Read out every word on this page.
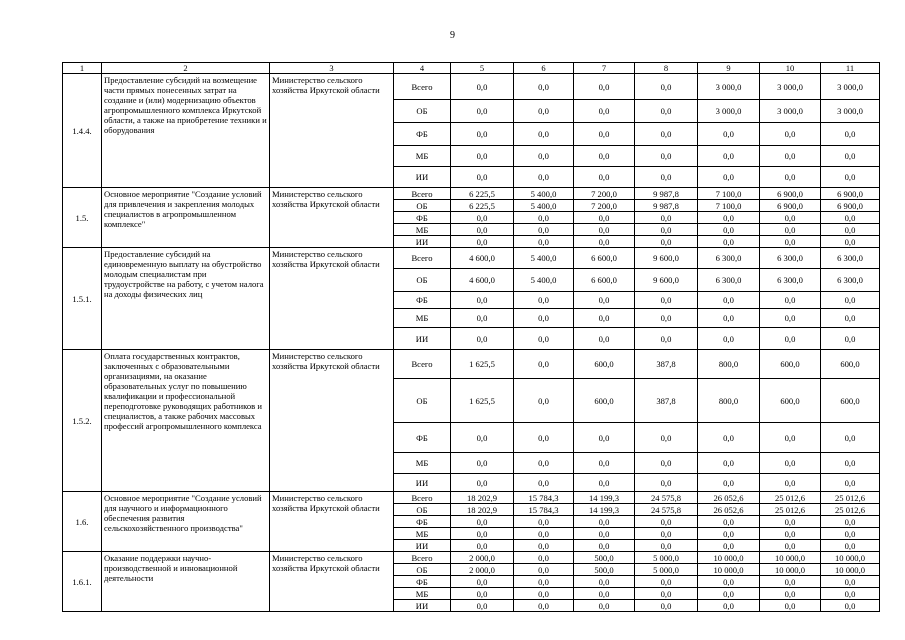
9
1	2	3	4	5	6	7	8	9	10	11
1.4.4.	Предоставление субсидий на возмещение части прямых понесенных затрат на создание и (или) модернизацию объектов агропромышленного комплекса Иркутской области, а также на приобретение техники и оборудования	Министерство сельского хозяйства Иркутской области	Всего	0,0	0,0	0,0	0,0	3 000,0	3 000,0	3 000,0
			ОБ	0,0	0,0	0,0	0,0	3 000,0	3 000,0	3 000,0
			ФБ	0,0	0,0	0,0	0,0	0,0	0,0	0,0
			МБ	0,0	0,0	0,0	0,0	0,0	0,0	0,0
			ИИ	0,0	0,0	0,0	0,0	0,0	0,0	0,0
1.5.	Основное мероприятие "Создание условий для привлечения и закрепления молодых специалистов в агропромышленном комплексе"	Министерство сельского хозяйства Иркутской области	Всего	6 225,5	5 400,0	7 200,0	9 987,8	7 100,0	6 900,0	6 900,0
			ОБ	6 225,5	5 400,0	7 200,0	9 987,8	7 100,0	6 900,0	6 900,0
			ФБ	0,0	0,0	0,0	0,0	0,0	0,0	0,0
			МБ	0,0	0,0	0,0	0,0	0,0	0,0	0,0
			ИИ	0,0	0,0	0,0	0,0	0,0	0,0	0,0
1.5.1.	Предоставление субсидий на единовременную выплату на обустройство молодым специалистам при трудоустройстве на работу, с учетом налога на доходы физических лиц	Министерство сельского хозяйства Иркутской области	Всего	4 600,0	5 400,0	6 600,0	9 600,0	6 300,0	6 300,0	6 300,0
			ОБ	4 600,0	5 400,0	6 600,0	9 600,0	6 300,0	6 300,0	6 300,0
			ФБ	0,0	0,0	0,0	0,0	0,0	0,0	0,0
			МБ	0,0	0,0	0,0	0,0	0,0	0,0	0,0
			ИИ	0,0	0,0	0,0	0,0	0,0	0,0	0,0
1.5.2.	Оплата государственных контрактов, заключенных с образовательными организациями, на оказание образовательных услуг по повышению квалификации и профессиональной переподготовке руководящих работников и специалистов, а также рабочих массовых профессий агропромышленного комплекса	Министерство сельского хозяйства Иркутской области	Всего	1 625,5	0,0	600,0	387,8	800,0	600,0	600,0
			ОБ	1 625,5	0,0	600,0	387,8	800,0	600,0	600,0
			ФБ	0,0	0,0	0,0	0,0	0,0	0,0	0,0
			МБ	0,0	0,0	0,0	0,0	0,0	0,0	0,0
			ИИ	0,0	0,0	0,0	0,0	0,0	0,0	0,0
1.6.	Основное мероприятие "Создание условий для научного и информационного обеспечения развития сельскохозяйственного производства"	Министерство сельского хозяйства Иркутской области	Всего	18 202,9	15 784,3	14 199,3	24 575,8	26 052,6	25 012,6	25 012,6
			ОБ	18 202,9	15 784,3	14 199,3	24 575,8	26 052,6	25 012,6	25 012,6
			ФБ	0,0	0,0	0,0	0,0	0,0	0,0	0,0
			МБ	0,0	0,0	0,0	0,0	0,0	0,0	0,0
			ИИ	0,0	0,0	0,0	0,0	0,0	0,0	0,0
1.6.1.	Оказание поддержки научно-производственной и инновационной деятельности	Министерство сельского хозяйства Иркутской области	Всего	2 000,0	0,0	500,0	5 000,0	10 000,0	10 000,0	10 000,0
			ОБ	2 000,0	0,0	500,0	5 000,0	10 000,0	10 000,0	10 000,0
			ФБ	0,0	0,0	0,0	0,0	0,0	0,0	0,0
			МБ	0,0	0,0	0,0	0,0	0,0	0,0	0,0
			ИИ	0,0	0,0	0,0	0,0	0,0	0,0	0,0
